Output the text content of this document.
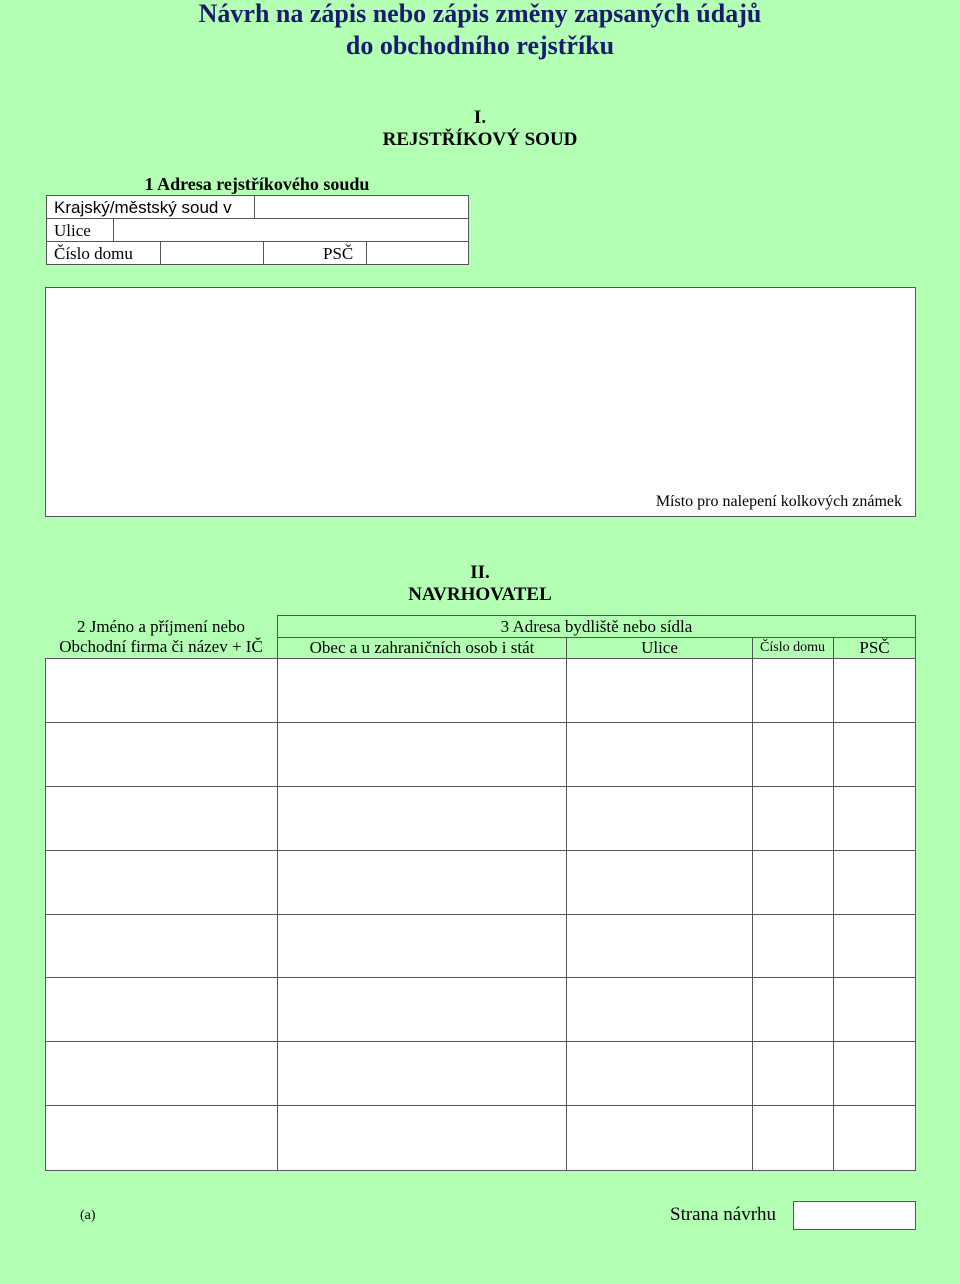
Návrh na zápis nebo zápis změny zapsaných údajů
do obchodního rejstříku
I.
REJSTŘÍKOVÝ SOUD
1 Adresa rejstříkového soudu
Krajský/městský soud v
Ulice
Číslo domu	PSČ
Místo pro nalepení kolkových známek
II.
NAVRHOVATEL
2 Jméno a příjmení nebo
Obchodní firma či název + IČ
3 Adresa bydliště nebo sídla
Obec a u zahraničních osob i stát	Ulice	Číslo domu	PSČ
(a)	Strana návrhu
